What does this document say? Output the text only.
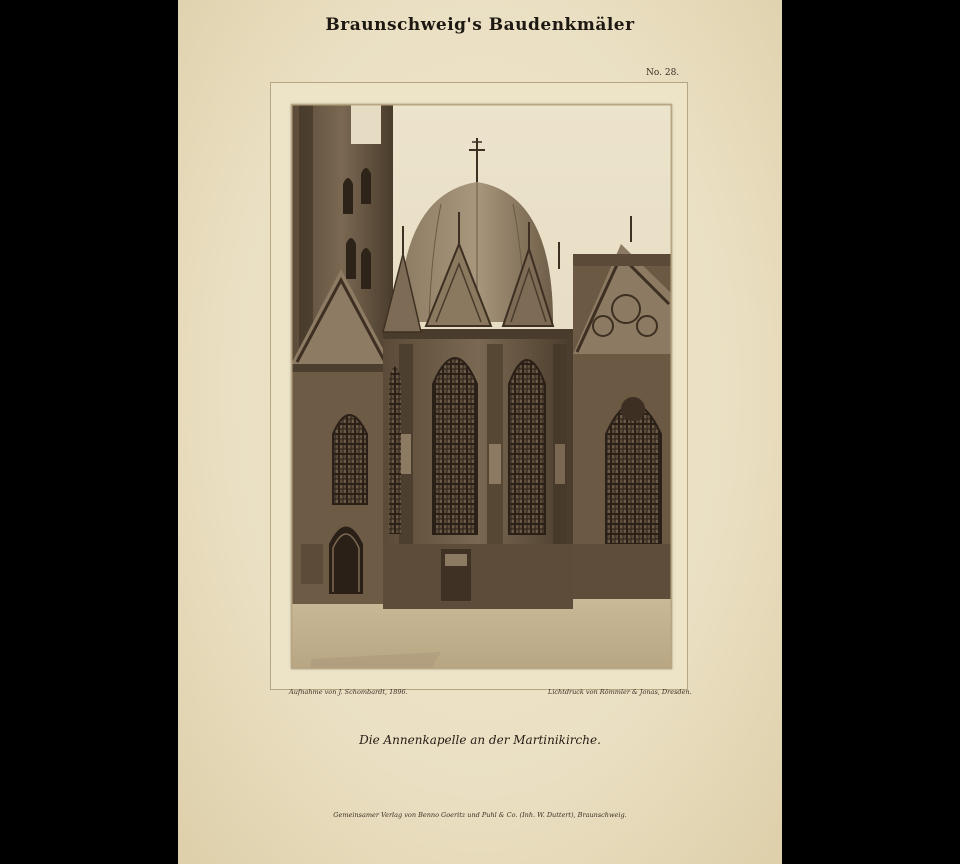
Braunschweig's Baudenkmäler
No. 28.
Aufnahme von J. Schombardt, 1896.	Lichtdruck von Römmler & Jonas, Dresden.
Die Annenkapelle an der Martinikirche.
Gemeinsamer Verlag von Benno Goeritz und Puhl & Co. (Inh. W. Duttert), Braunschweig.
